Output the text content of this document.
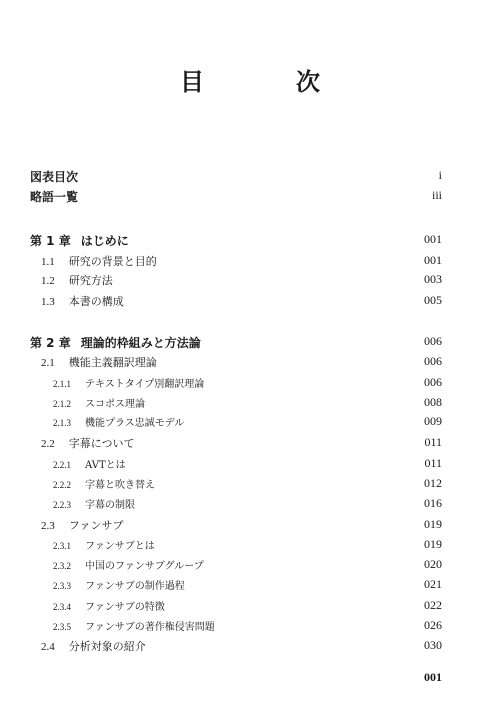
目　次
図表目次	i
略語一覧	iii
第 1 章 はじめに	001
1.1 研究の背景と目的	001
1.2 研究方法	003
1.3 本書の構成	005
第 2 章 理論的枠組みと方法論	006
2.1 機能主義翻訳理論	006
2.1.1 テキストタイプ別翻訳理論	006
2.1.2 スコポス理論	008
2.1.3 機能プラス忠誠モデル	009
2.2 字幕について	011
2.2.1 AVTとは	011
2.2.2 字幕と吹き替え	012
2.2.3 字幕の制限	016
2.3 ファンサブ	019
2.3.1 ファンサブとは	019
2.3.2 中国のファンサブグループ	020
2.3.3 ファンサブの制作過程	021
2.3.4 ファンサブの特徴	022
2.3.5 ファンサブの著作権侵害問題	026
2.4 分析対象の紹介	030
001
